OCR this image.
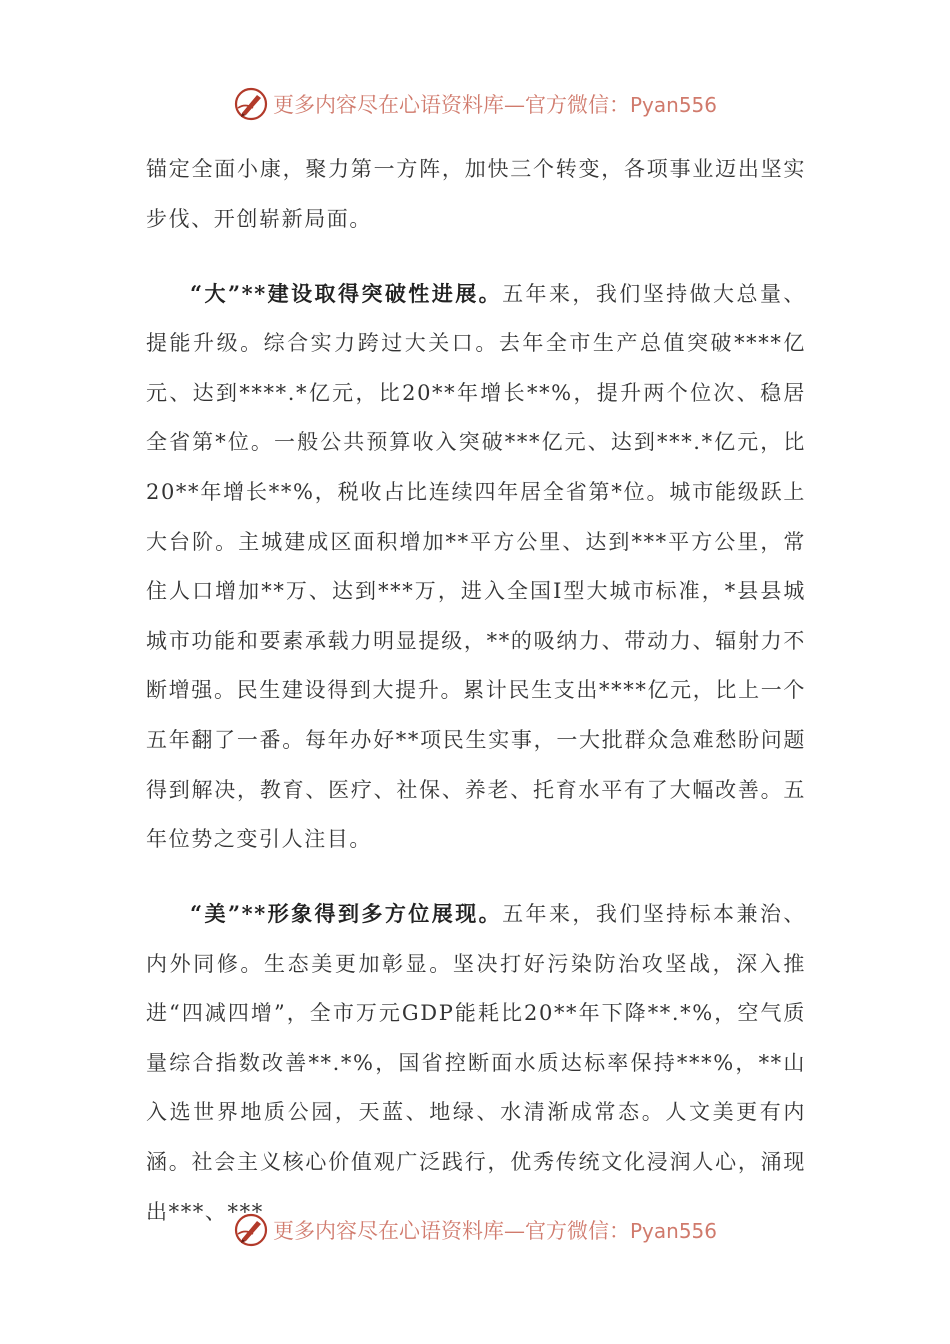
更多内容尽在心语资料库—官方微信：Pyan556

锚定全面小康，聚力第一方阵，加快三个转变，各项事业迈出坚实步伐、开创崭新局面。

“大”**建设取得突破性进展。五年来，我们坚持做大总量、提能升级。综合实力跨过大关口。去年全市生产总值突破****亿元、达到****.*亿元，比20**年增长**%，提升两个位次、稳居全省第*位。一般公共预算收入突破***亿元、达到***.*亿元，比20**年增长**%，税收占比连续四年居全省第*位。城市能级跃上大台阶。主城建成区面积增加**平方公里、达到***平方公里，常住人口增加**万、达到***万，进入全国Ⅰ型大城市标准，*县县城城市功能和要素承载力明显提级，**的吸纳力、带动力、辐射力不断增强。民生建设得到大提升。累计民生支出****亿元，比上一个五年翻了一番。每年办好**项民生实事，一大批群众急难愁盼问题得到解决，教育、医疗、社保、养老、托育水平有了大幅改善。五年位势之变引人注目。

“美”**形象得到多方位展现。五年来，我们坚持标本兼治、内外同修。生态美更加彰显。坚决打好污染防治攻坚战，深入推进“四减四增”，全市万元GDP能耗比20**年下降**.*%，空气质量综合指数改善**.*%，国省控断面水质达标率保持***%，**山入选世界地质公园，天蓝、地绿、水清渐成常态。人文美更有内涵。社会主义核心价值观广泛践行，优秀传统文化浸润人心，涌现出***、***

更多内容尽在心语资料库—官方微信：Pyan556
